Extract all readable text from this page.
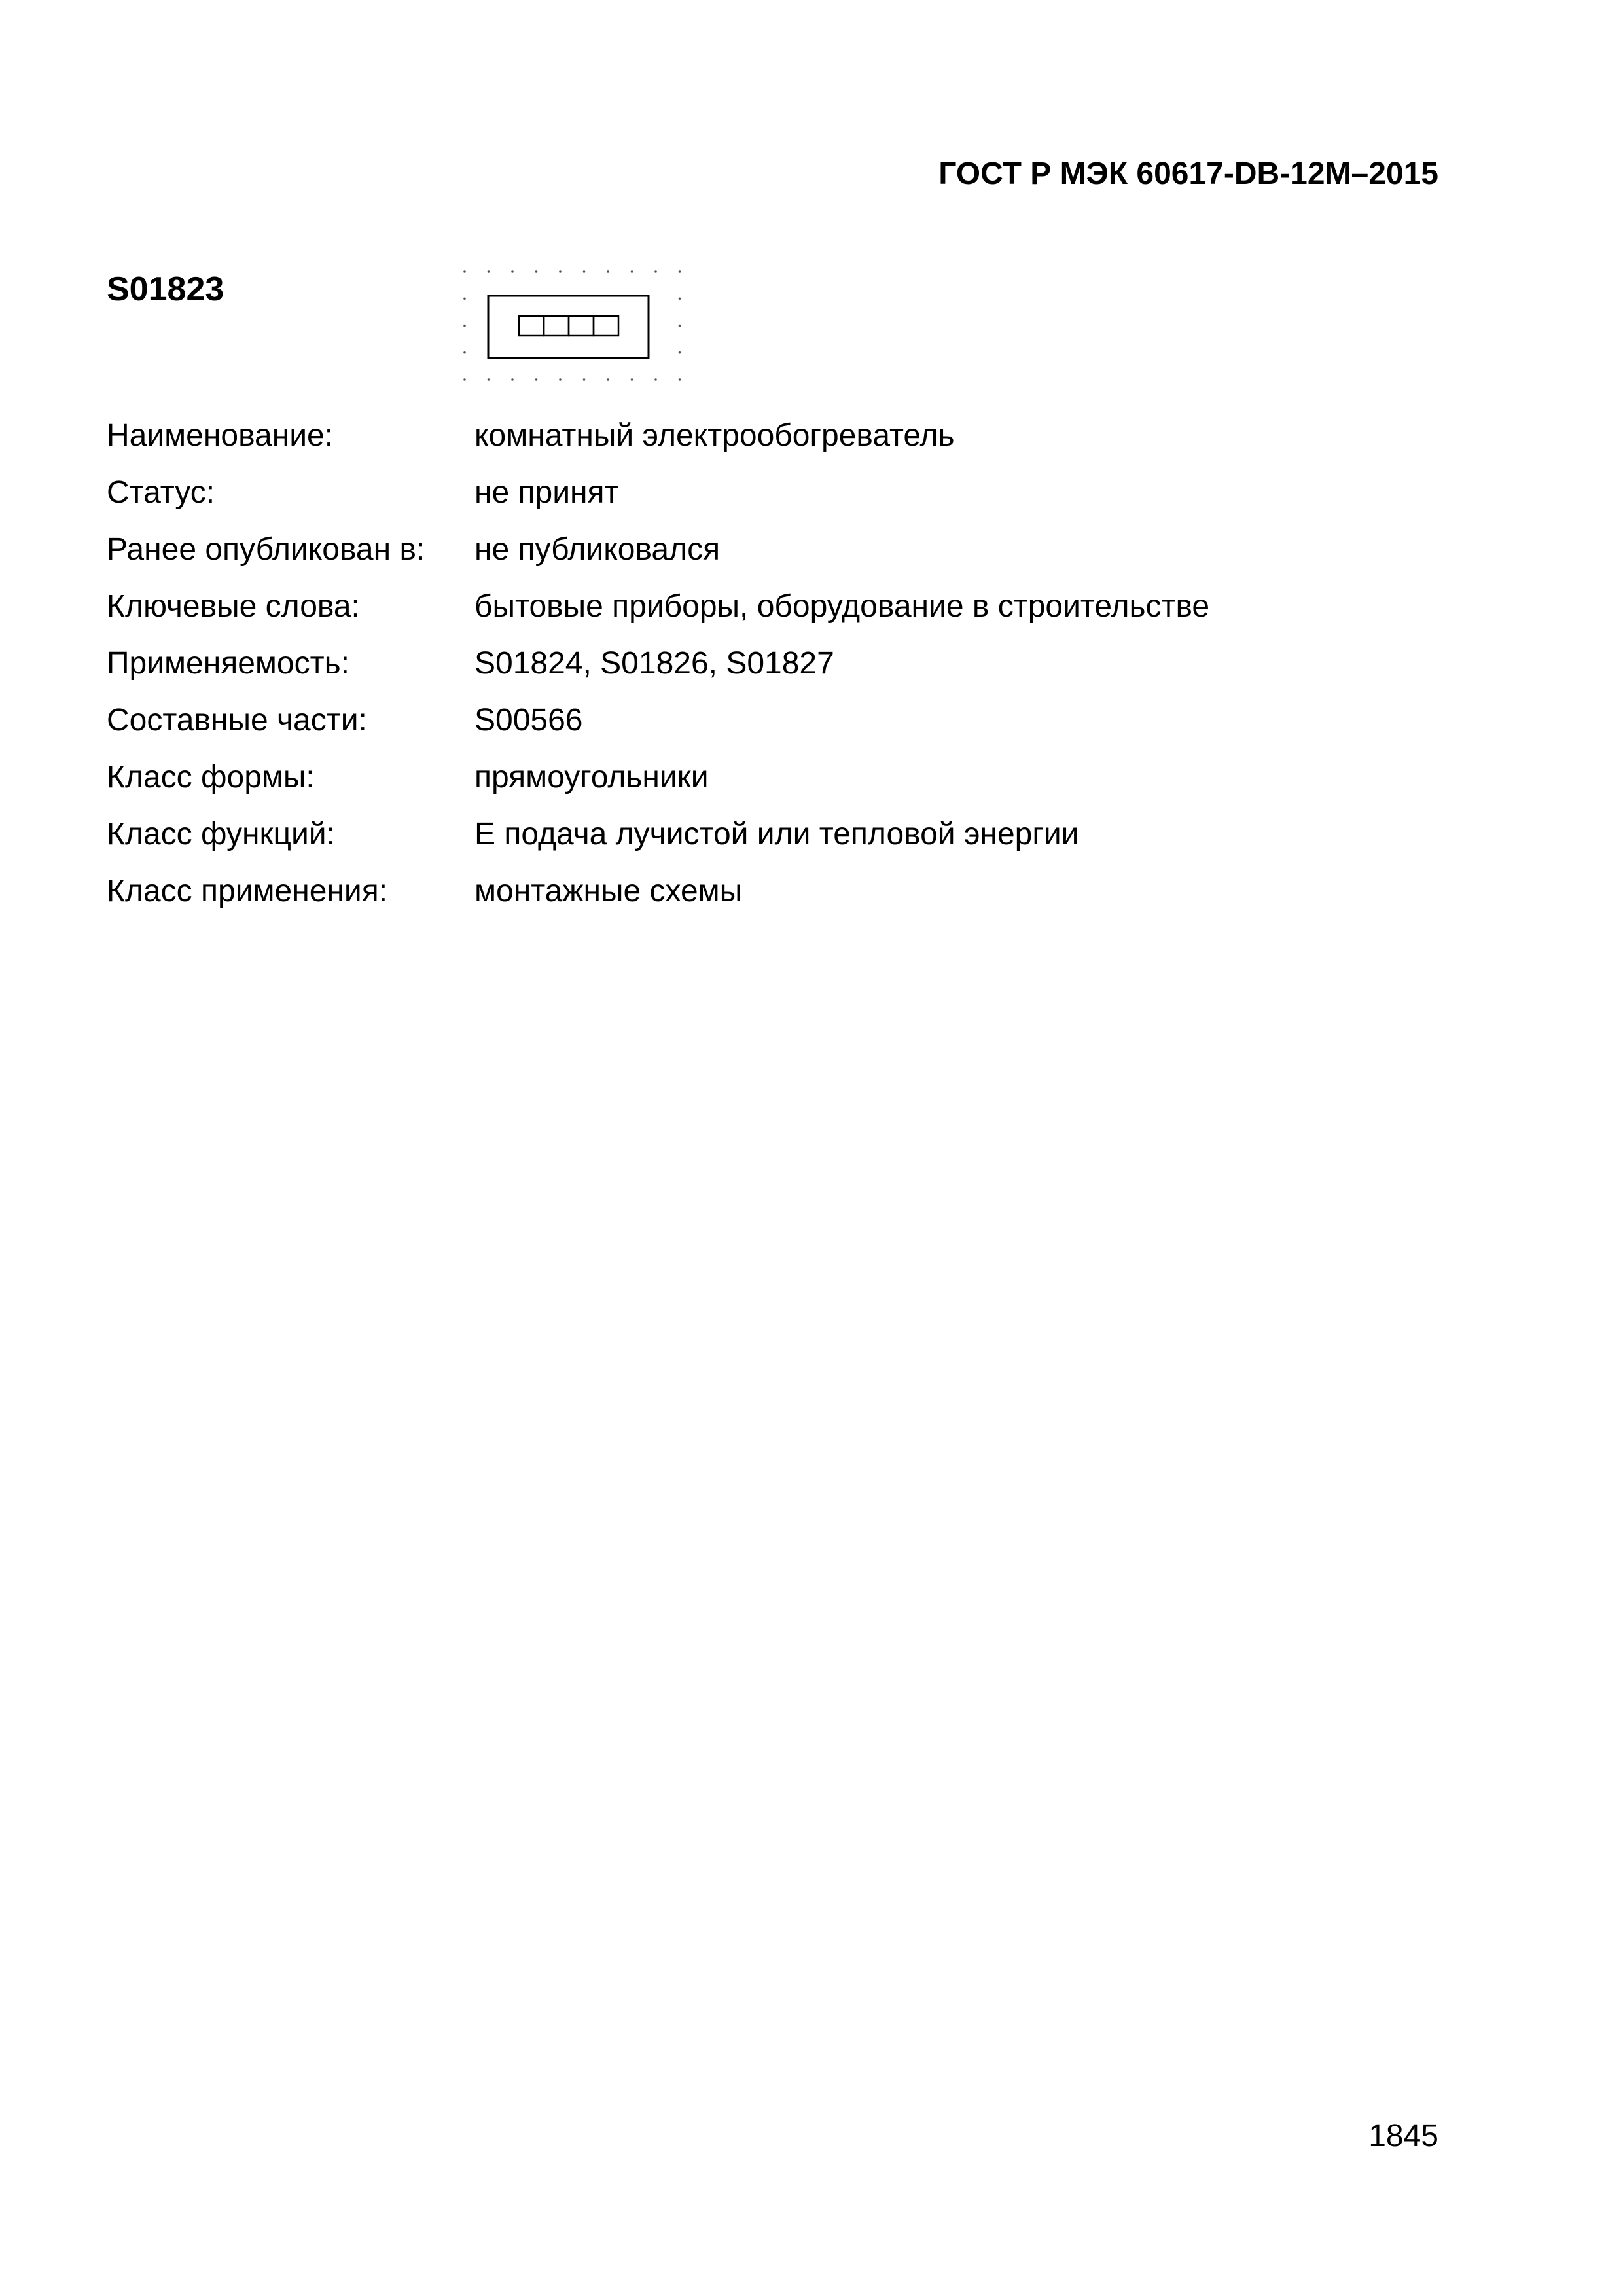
ГОСТ Р МЭК 60617-DB-12M–2015
S01823
Наименование:	комнатный электрообогреватель
Статус:	не принят
Ранее опубликован в:	не публиковался
Ключевые слова:	бытовые приборы, оборудование в строительстве
Применяемость:	S01824, S01826, S01827
Составные части:	S00566
Класс формы:	прямоугольники
Класс функций:	E подача лучистой или тепловой энергии
Класс применения:	монтажные схемы
1845
